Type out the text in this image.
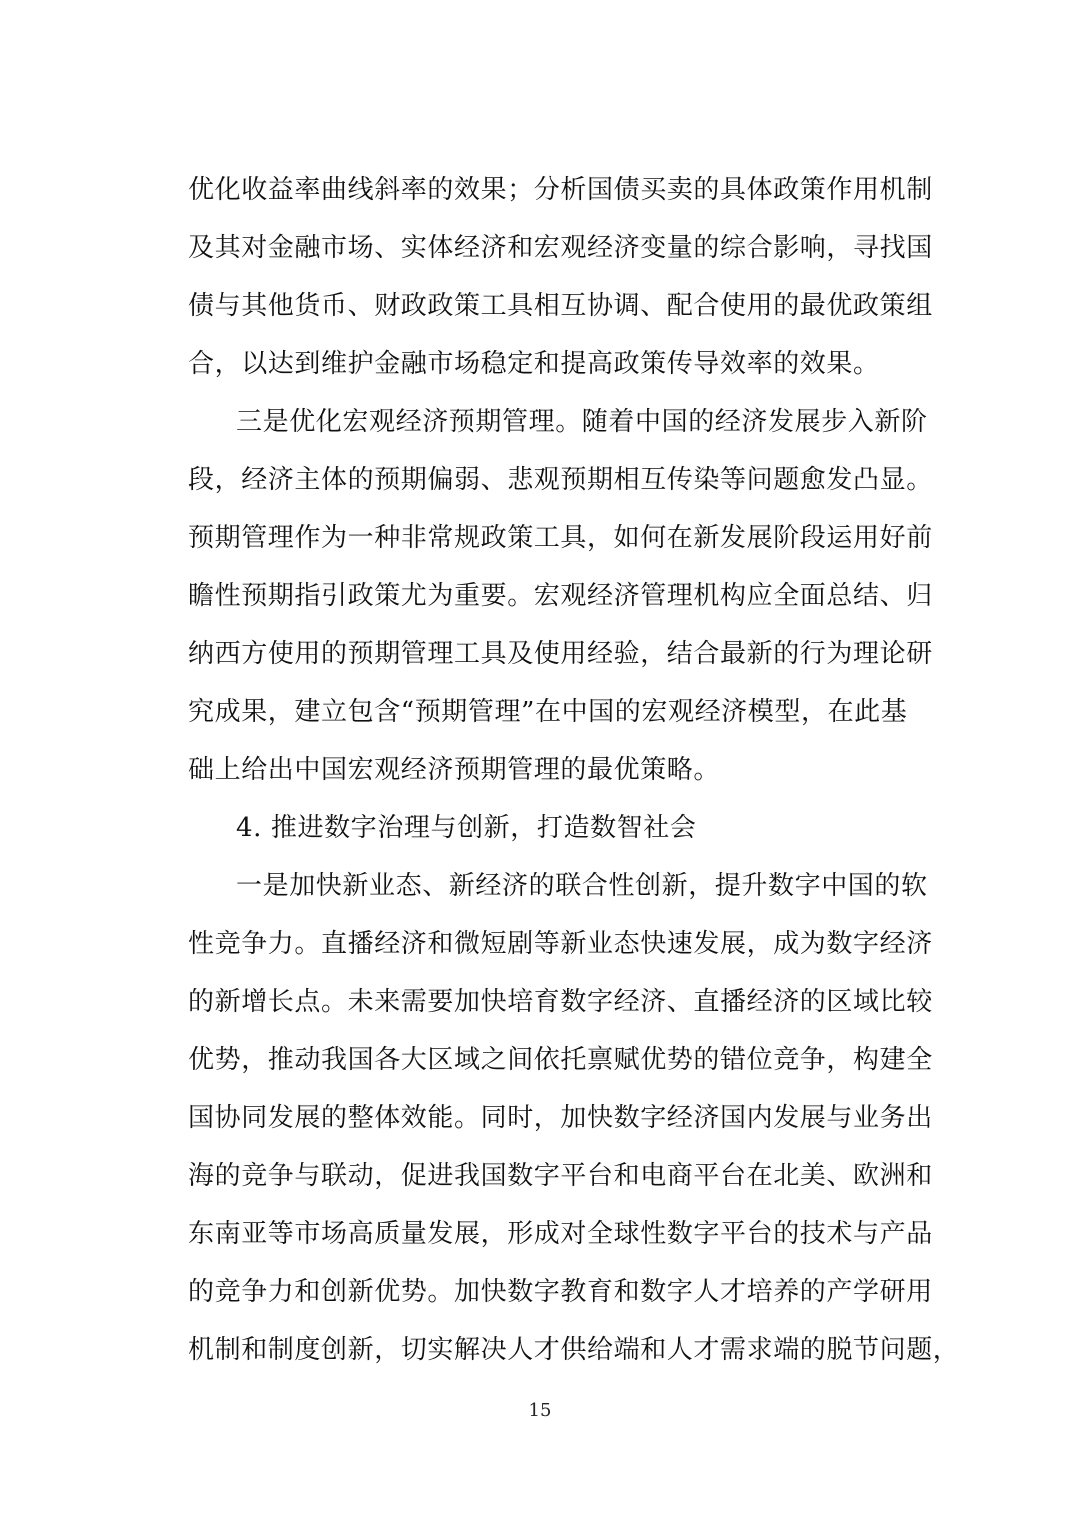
优化收益率曲线斜率的效果；分析国债买卖的具体政策作用机制
及其对金融市场、实体经济和宏观经济变量的综合影响，寻找国
债与其他货币、财政政策工具相互协调、配合使用的最优政策组
合，以达到维护金融市场稳定和提高政策传导效率的效果。
三是优化宏观经济预期管理。随着中国的经济发展步入新阶
段，经济主体的预期偏弱、悲观预期相互传染等问题愈发凸显。
预期管理作为一种非常规政策工具，如何在新发展阶段运用好前
瞻性预期指引政策尤为重要。宏观经济管理机构应全面总结、归
纳西方使用的预期管理工具及使用经验，结合最新的行为理论研
究成果，建立包含“预期管理”在中国的宏观经济模型，在此基
础上给出中国宏观经济预期管理的最优策略。
4. 推进数字治理与创新，打造数智社会
一是加快新业态、新经济的联合性创新，提升数字中国的软
性竞争力。直播经济和微短剧等新业态快速发展，成为数字经济
的新增长点。未来需要加快培育数字经济、直播经济的区域比较
优势，推动我国各大区域之间依托禀赋优势的错位竞争，构建全
国协同发展的整体效能。同时，加快数字经济国内发展与业务出
海的竞争与联动，促进我国数字平台和电商平台在北美、欧洲和
东南亚等市场高质量发展，形成对全球性数字平台的技术与产品
的竞争力和创新优势。加快数字教育和数字人才培养的产学研用
机制和制度创新，切实解决人才供给端和人才需求端的脱节问题，
15
